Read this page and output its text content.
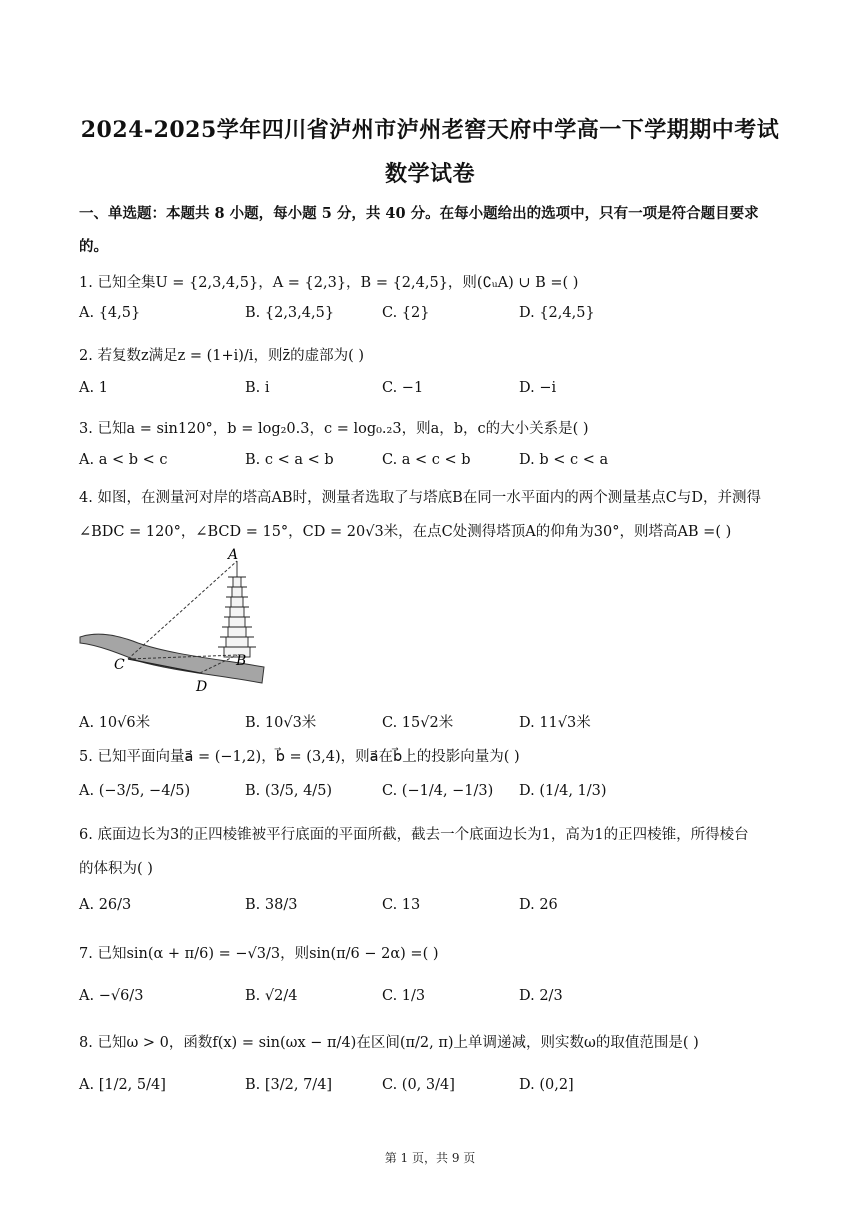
2024-2025学年四川省泸州市泸州老窖天府中学高一下学期期中考试
数学试卷
一、单选题：本题共 8 小题，每小题 5 分，共 40 分。在每小题给出的选项中，只有一项是符合题目要求
的。
1. 已知全集U = {2,3,4,5}，A = {2,3}，B = {2,4,5}，则(∁ᵤA) ∪ B =( )
A. {4,5}	B. {2,3,4,5}	C. {2}	D. {2,4,5}
2. 若复数z满足z = (1+i)/i，则z̄的虚部为( )
A. 1	B. i	C. −1	D. −i
3. 已知a = sin120°，b = log₂0.3，c = log₀.₂3，则a，b，c的大小关系是( )
A. a < b < c	B. c < a < b	C. a < c < b	D. b < c < a
4. 如图，在测量河对岸的塔高AB时，测量者选取了与塔底B在同一水平面内的两个测量基点C与D，并测得
∠BDC = 120°，∠BCD = 15°，CD = 20√3米，在点C处测得塔顶A的仰角为30°，则塔高AB =( )
A
B
C
D
A. 10√6米	B. 10√3米	C. 15√2米	D. 11√3米
5. 已知平面向量a⃗ = (−1,2)，b⃗ = (3,4)，则a⃗在b⃗上的投影向量为( )
A. (−3/5, −4/5)	B. (3/5, 4/5)	C. (−1/4, −1/3) D. (1/4, 1/3)
6. 底面边长为3的正四棱锥被平行底面的平面所截，截去一个底面边长为1，高为1的正四棱锥，所得棱台
的体积为( )
A. 26/3	B. 38/3	C. 13	D. 26
7. 已知sin(α + π/6) = −√3/3，则sin(π/6 − 2α) =( )
A. −√6/3	B. √2/4	C. 1/3	D. 2/3
8. 已知ω > 0，函数f(x) = sin(ωx − π/4)在区间(π/2, π)上单调递减，则实数ω的取值范围是( )
A. [1/2, 5/4]	B. [3/2, 7/4]	C. (0, 3/4]	D. (0,2]
第 1 页，共 9 页
